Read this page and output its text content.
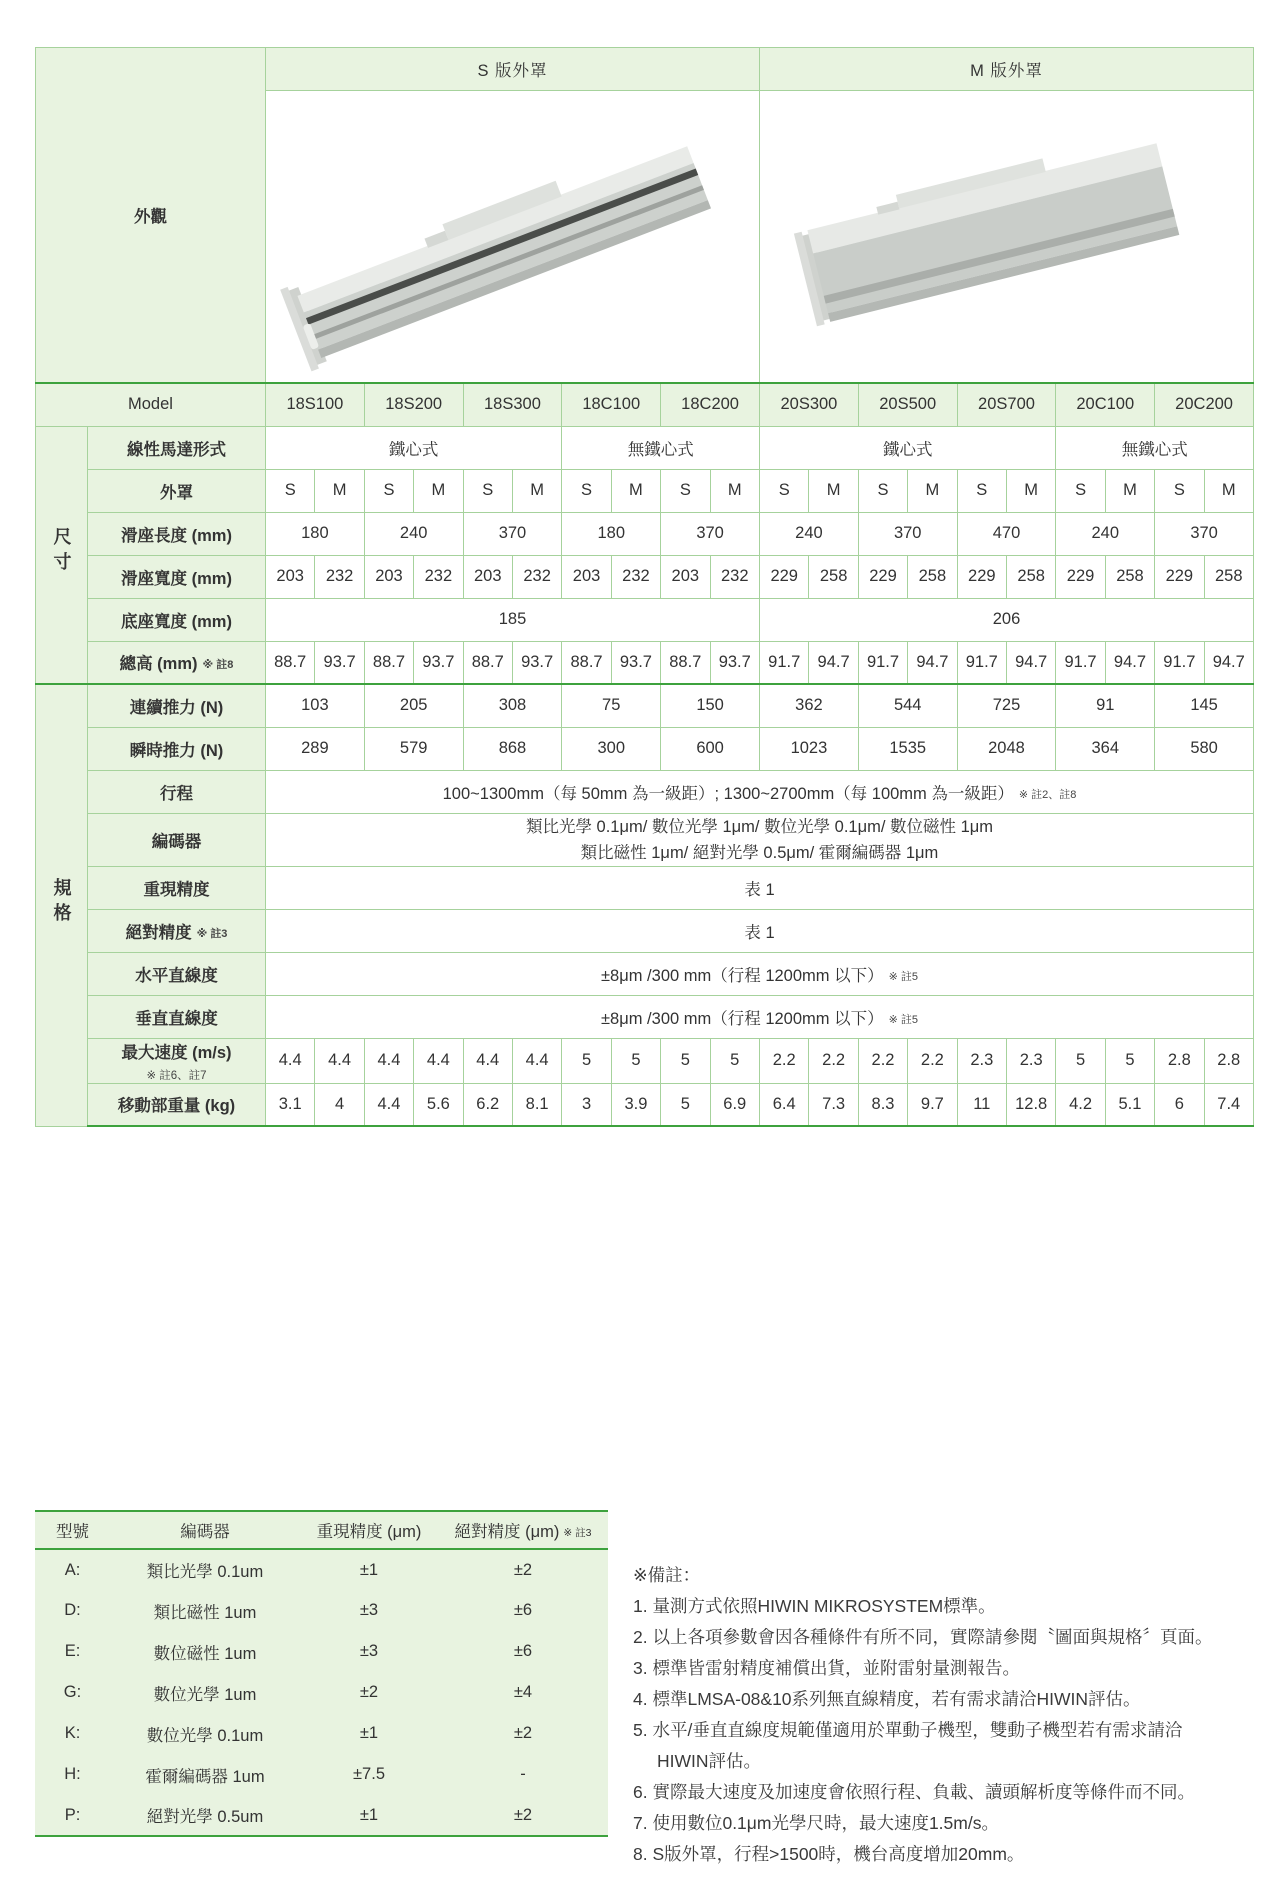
外觀		S 版外罩										M 版外罩									

Model		18S100		18S200		18S300		18C100		18C200		20S300		20S500		20S700		20C100		20C200	
尺寸	線性馬達形式	鐵心式						無鐵心式				鐵心式						無鐵心式			
	外罩	S	M	S	M	S	M	S	M	S	M	S	M	S	M	S	M	S	M	S	M
	滑座長度 (mm)	180		240		370		180		370		240		370		470		240		370	
	滑座寬度 (mm)	203	232	203	232	203	232	203	232	203	232	229	258	229	258	229	258	229	258	229	258
	底座寬度 (mm)	185										206									
	總高 (mm) ※ 註8	88.7	93.7	88.7	93.7	88.7	93.7	88.7	93.7	88.7	93.7	91.7	94.7	91.7	94.7	91.7	94.7	91.7	94.7	91.7	94.7
規格	連續推力 (N)	103		205		308		75		150		362		544		725		91		145	
	瞬時推力 (N)	289		579		868		300		600		1023		1535		2048		364		580	
	行程	100~1300mm（每 50mm 為一級距）; 1300~2700mm（每 100mm 為一級距） ※ 註2、註8																			
	編碼器	類比光學 0.1μm/ 數位光學 1μm/ 數位光學 0.1μm/ 數位磁性 1μm
類比磁性 1μm/ 絕對光學 0.5μm/ 霍爾編碼器 1μm																			

	重現精度	表 1																			
	絕對精度 ※ 註3	表 1																			
	水平直線度	±8μm /300 mm（行程 1200mm 以下） ※ 註5																			
	垂直直線度	±8μm /300 mm（行程 1200mm 以下） ※ 註5																			

	最大速度 (m/s)
※ 註6、註7	4.4	4.4	4.4	4.4	4.4	4.4	5	5	5	5	2.2	2.2	2.2	2.2	2.3	2.3	5	5	2.8	2.8
	移動部重量 (kg)	3.1	4	4.4	5.6	6.2	8.1	3	3.9	5	6.9	6.4	7.3	8.3	9.7	11	12.8	4.2	5.1	6	7.4
型號	編碼器	重現精度 (μm)	絕對精度 (μm) ※ 註3
A:	類比光學 0.1um	±1	±2
D:	類比磁性 1um	±3	±6
E:	數位磁性 1um	±3	±6
G:	數位光學 1um	±2	±4
K:	數位光學 0.1um	±1	±2
H:	霍爾編碼器 1um	±7.5	-
P:	絕對光學 0.5um	±1	±2
※備註：
1. 量測方式依照HIWIN MIKROSYSTEM標準。
2. 以上各項參數會因各種條件有所不同，實際請參閱〝圖面與規格〞頁面。
3. 標準皆雷射精度補償出貨，並附雷射量測報告。
4. 標準LMSA-08&10系列無直線精度，若有需求請洽HIWIN評估。
5. 水平/垂直直線度規範僅適用於單動子機型，雙動子機型若有需求請洽
HIWIN評估。
6. 實際最大速度及加速度會依照行程、負載、讀頭解析度等條件而不同。
7. 使用數位0.1μm光學尺時，最大速度1.5m/s。
8. S版外罩，行程>1500時，機台高度增加20mm。
